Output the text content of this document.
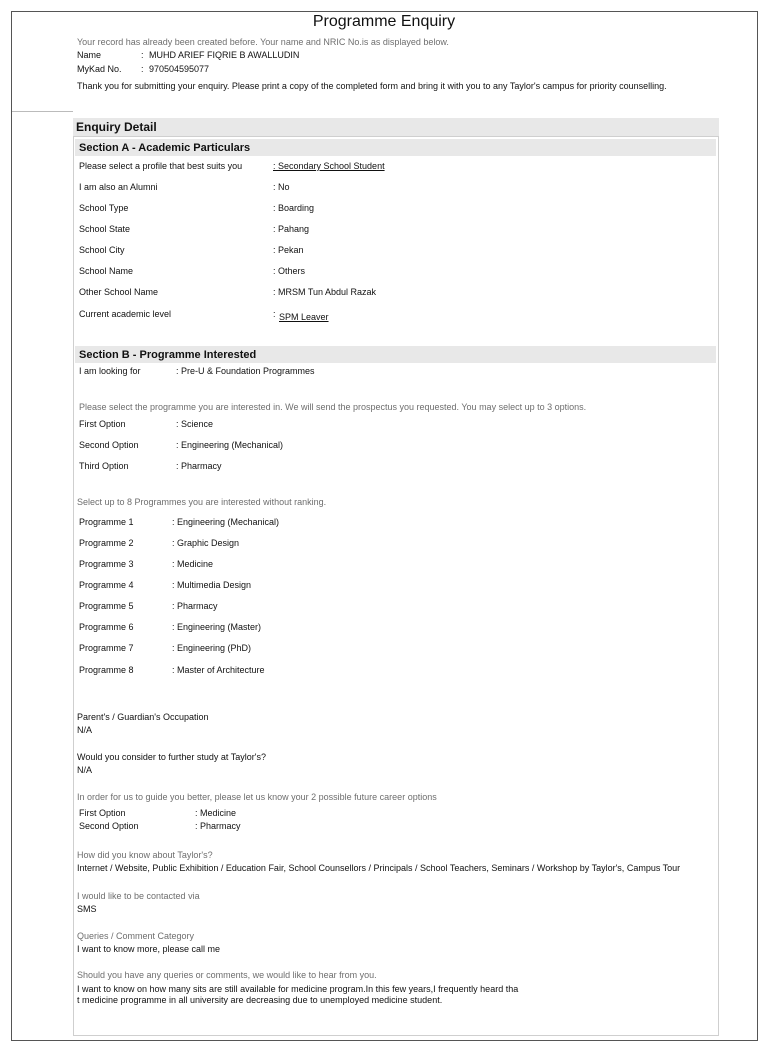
Programme Enquiry
Your record has already been created before. Your name and NRIC No.is as displayed below.
Name	: MUHD ARIEF FIQRIE B AWALLUDIN
MyKad No. : 970504595077
Thank you for submitting your enquiry. Please print a copy of the completed form and bring it with you to any Taylor's campus for priority counselling.
Enquiry Detail
Section A - Academic Particulars
Please select a profile that best suits you	: Secondary School Student
I am also an Alumni	: No
School Type	: Boarding
School State	: Pahang
School City	: Pekan
School Name	: Others
Other School Name	: MRSM Tun Abdul Razak
Current academic level	: SPM Leaver
Section B - Programme Interested
I am looking for	: Pre-U & Foundation Programmes
Please select the programme you are interested in. We will send the prospectus you requested. You may select up to 3 options.
First Option	: Science
Second Option	: Engineering (Mechanical)
Third Option	: Pharmacy
Select up to 8 Programmes you are interested without ranking.
Programme 1	: Engineering (Mechanical)
Programme 2	: Graphic Design
Programme 3	: Medicine
Programme 4	: Multimedia Design
Programme 5	: Pharmacy
Programme 6	: Engineering (Master)
Programme 7	: Engineering (PhD)
Programme 8	: Master of Architecture
Parent's / Guardian's Occupation
N/A
Would you consider to further study at Taylor's?
N/A
In order for us to guide you better, please let us know your 2 possible future career options
First Option	: Medicine
Second Option	: Pharmacy
How did you know about Taylor's?
Internet / Website, Public Exhibition / Education Fair, School Counsellors / Principals / School Teachers, Seminars / Workshop by Taylor's, Campus Tour
I would like to be contacted via
SMS
Queries / Comment Category
I want to know more, please call me
Should you have any queries or comments, we would like to hear from you.
I want to know on how many sits are still available for medicine program.In this few years,I frequently heard tha
t medicine programme in all university are decreasing due to unemployed medicine student.
